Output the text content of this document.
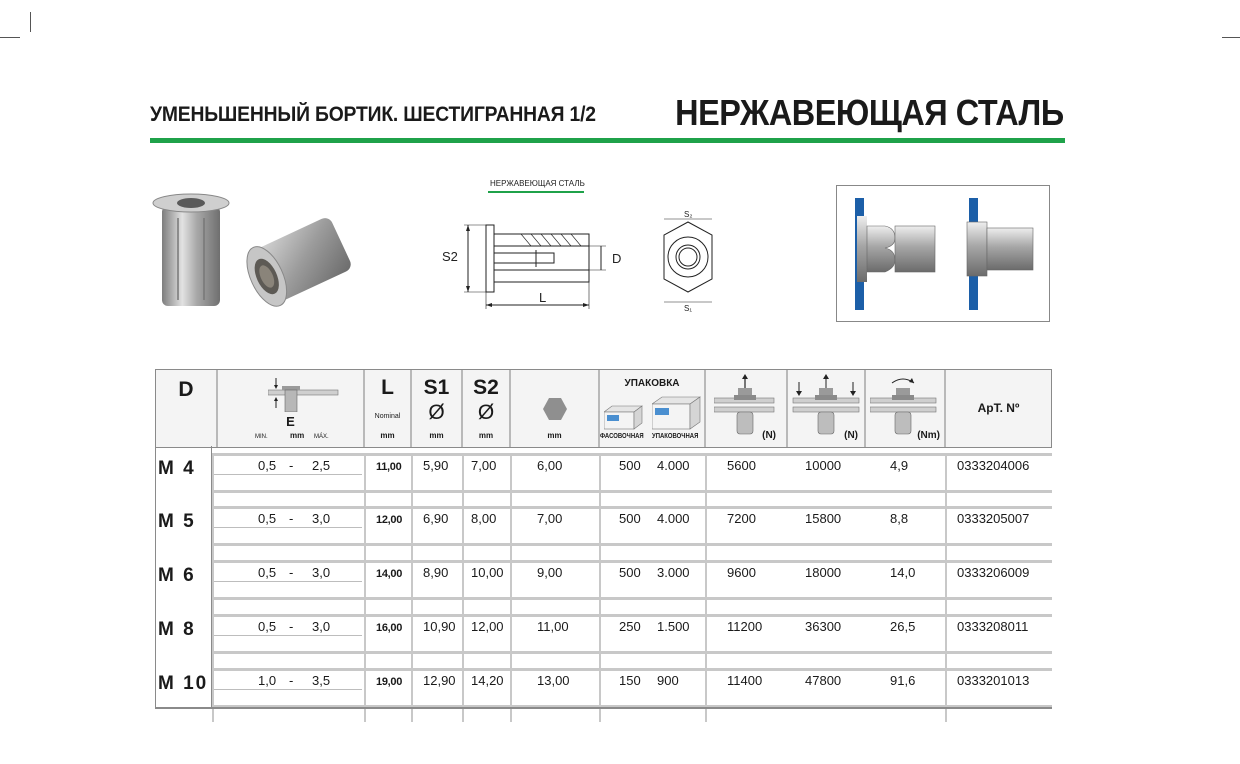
УМЕНЬШЕННЫЙ БОРТИК. ШЕСТИГРАННАЯ 1/2 НЕРЖАВЕЮЩАЯ СТАЛЬ
НЕРЖАВЕЮЩАЯ СТАЛЬ
S2	D
L
S₂
S₁
D
E
MIN.	mm MÁX.
L
Nominal
mm
S1
Ø
mm
S2
Ø
mm	mm
УПАКОВКА
ФАСОВОЧНАЯ УПАКОВОЧНАЯ	(N)	(N)	(Nm)
ApT. Nº
M 4	0,5 - 2,5	11,00 5,90 7,00	6,00	500 4.000	5600	10000	4,9	0333204006
M 5	0,5 - 3,0	12,00 6,90 8,00	7,00	500 4.000	7200	15800	8,8	0333205007
M 6	0,5 - 3,0	14,00 8,90 10,00	9,00	500 3.000	9600	18000	14,0	0333206009
M 8	0,5 - 3,0	16,00 10,90 12,00	11,00	250 1.500	11200	36300	26,5	0333208011
M 10	1,0 - 3,5	19,00 12,90 14,20	13,00	150 900	11400	47800	91,6	0333201013
